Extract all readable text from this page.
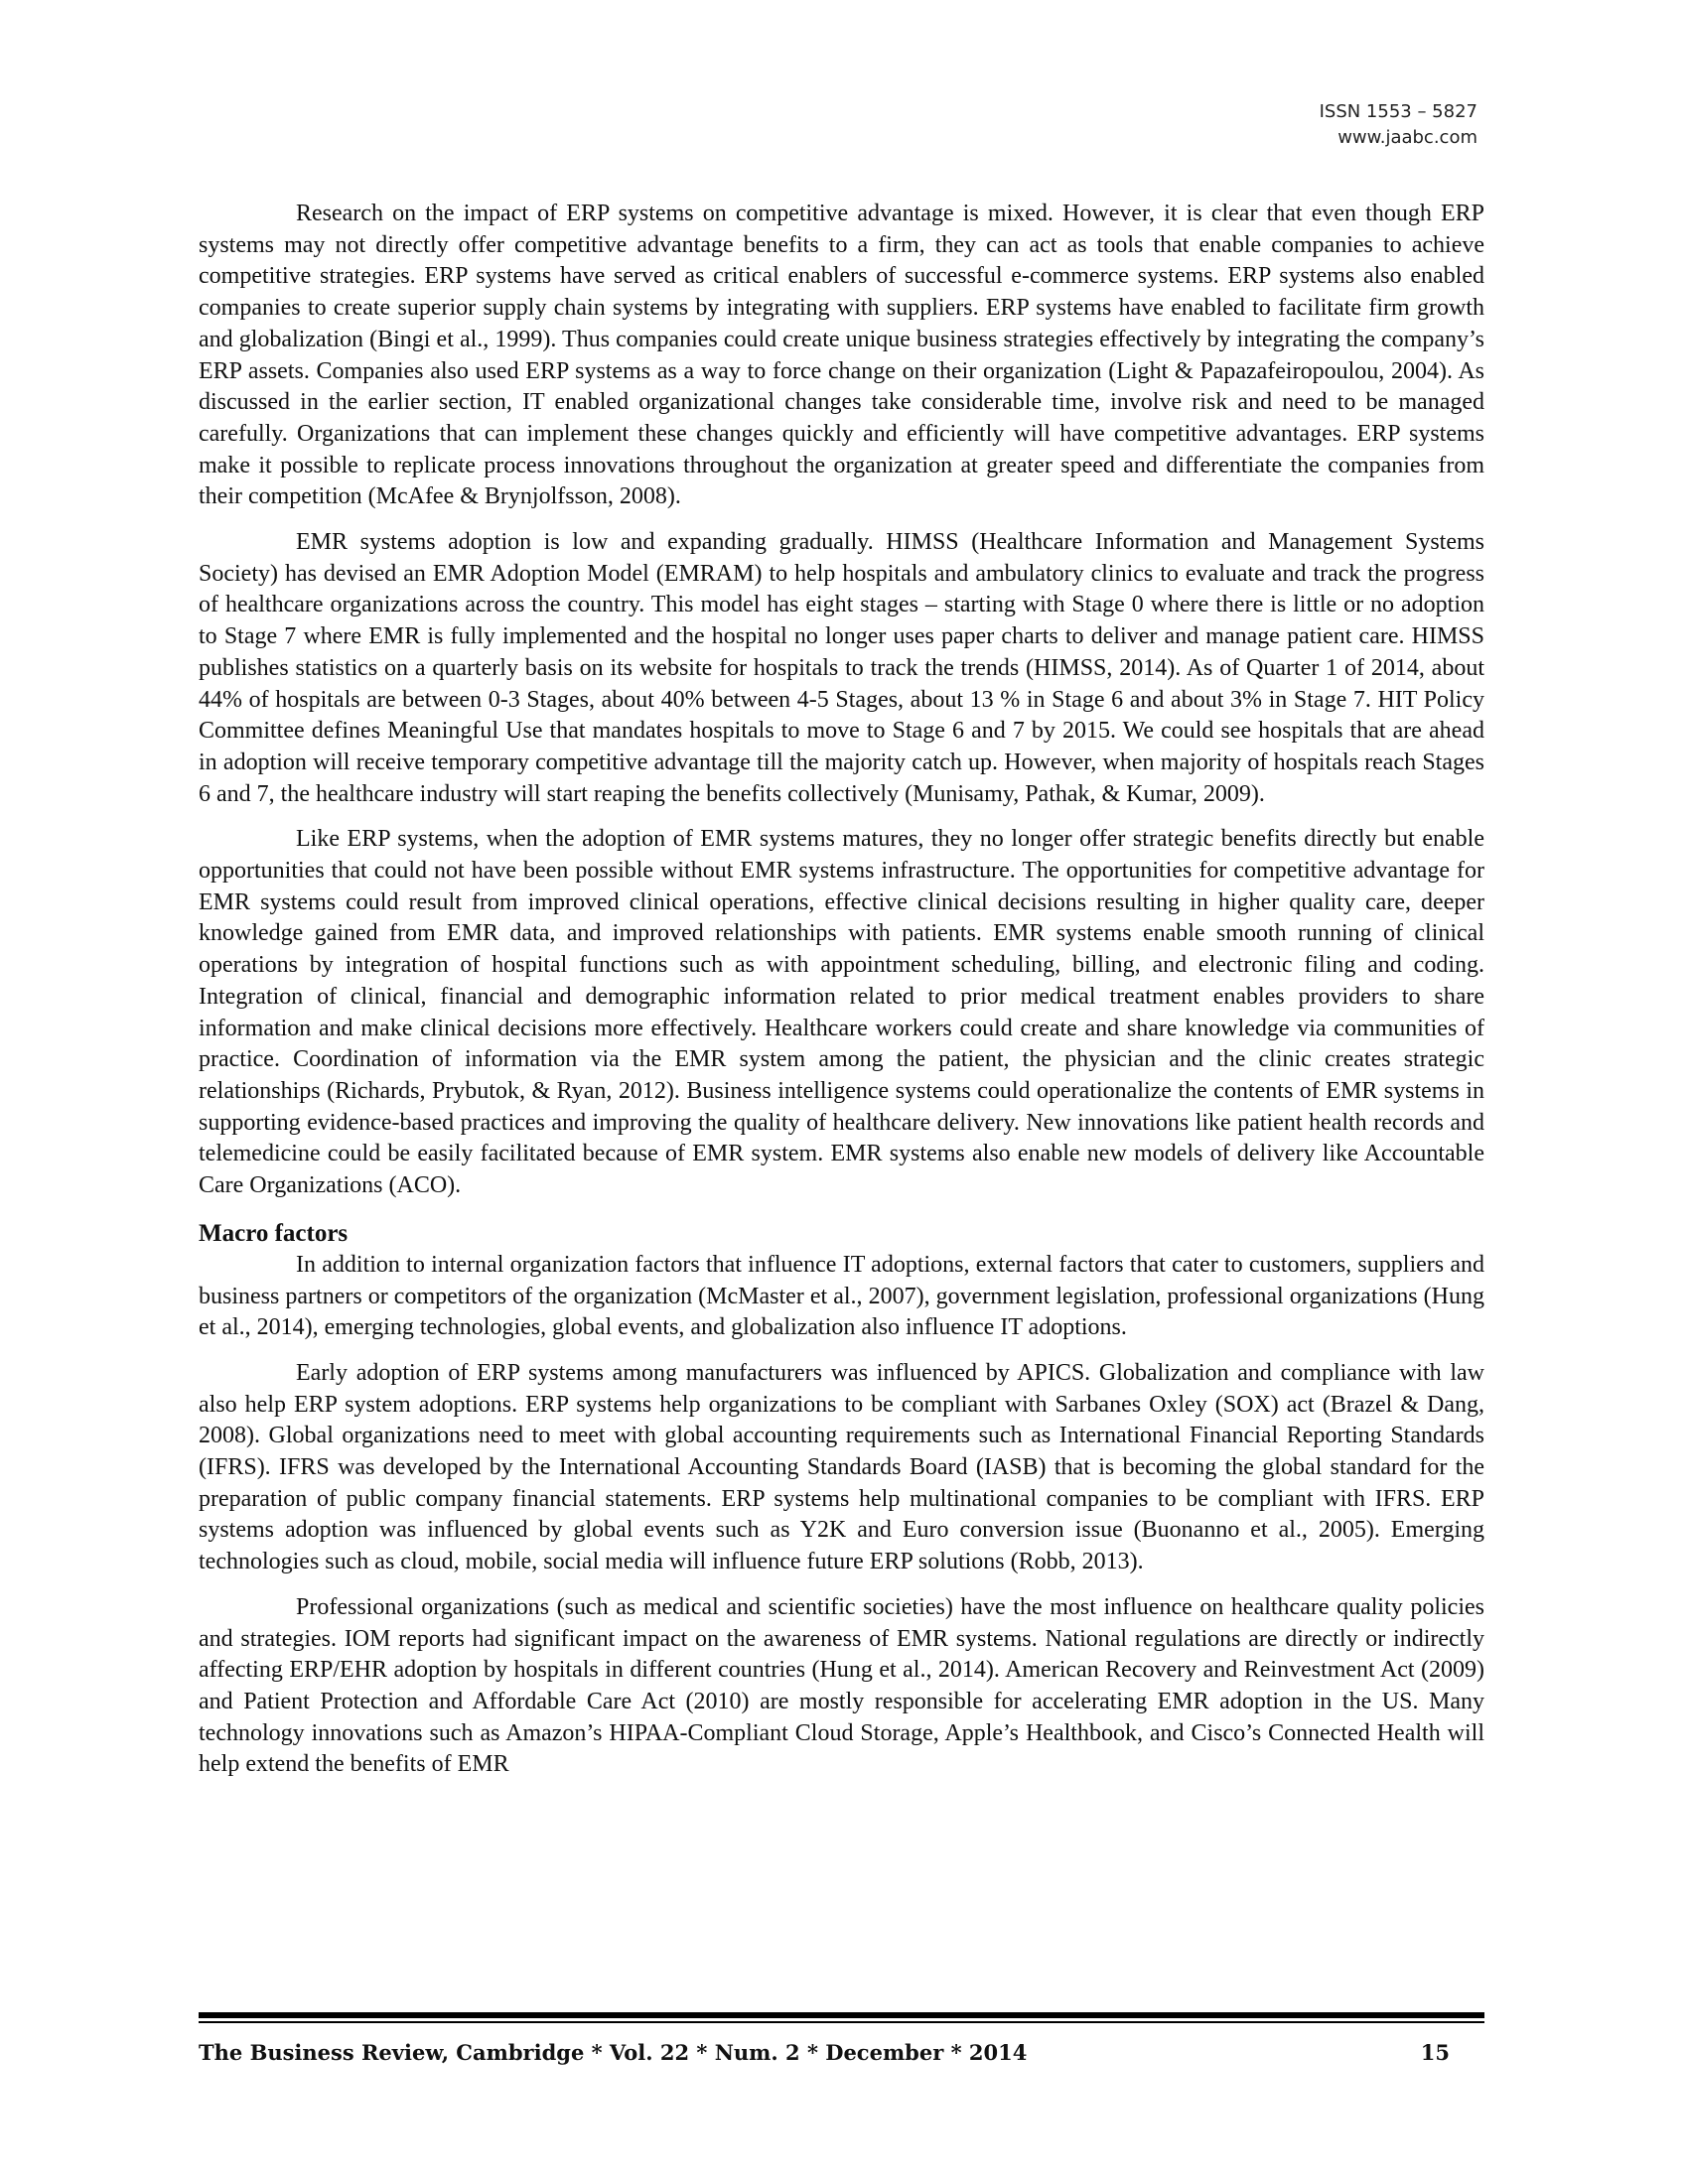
ISSN 1553 – 5827
www.jaabc.com

Research on the impact of ERP systems on competitive advantage is mixed. However, it is clear that even though ERP systems may not directly offer competitive advantage benefits to a firm, they can act as tools that enable companies to achieve competitive strategies. ERP systems have served as critical enablers of successful e-commerce systems. ERP systems also enabled companies to create superior supply chain systems by integrating with suppliers. ERP systems have enabled to facilitate firm growth and globalization (Bingi et al., 1999). Thus companies could create unique business strategies effectively by integrating the company’s ERP assets. Companies also used ERP systems as a way to force change on their organization (Light & Papazafeiropoulou, 2004). As discussed in the earlier section, IT enabled organizational changes take considerable time, involve risk and need to be managed carefully. Organizations that can implement these changes quickly and efficiently will have competitive advantages. ERP systems make it possible to replicate process innovations throughout the organization at greater speed and differentiate the companies from their competition (McAfee & Brynjolfsson, 2008).

EMR systems adoption is low and expanding gradually. HIMSS (Healthcare Information and Management Systems Society) has devised an EMR Adoption Model (EMRAM) to help hospitals and ambulatory clinics to evaluate and track the progress of healthcare organizations across the country. This model has eight stages – starting with Stage 0 where there is little or no adoption to Stage 7 where EMR is fully implemented and the hospital no longer uses paper charts to deliver and manage patient care. HIMSS publishes statistics on a quarterly basis on its website for hospitals to track the trends (HIMSS, 2014). As of Quarter 1 of 2014, about 44% of hospitals are between 0-3 Stages, about 40% between 4-5 Stages, about 13 % in Stage 6 and about 3% in Stage 7. HIT Policy Committee defines Meaningful Use that mandates hospitals to move to Stage 6 and 7 by 2015. We could see hospitals that are ahead in adoption will receive temporary competitive advantage till the majority catch up. However, when majority of hospitals reach Stages 6 and 7, the healthcare industry will start reaping the benefits collectively (Munisamy, Pathak, & Kumar, 2009).

Like ERP systems, when the adoption of EMR systems matures, they no longer offer strategic benefits directly but enable opportunities that could not have been possible without EMR systems infrastructure. The opportunities for competitive advantage for EMR systems could result from improved clinical operations, effective clinical decisions resulting in higher quality care, deeper knowledge gained from EMR data, and improved relationships with patients. EMR systems enable smooth running of clinical operations by integration of hospital functions such as with appointment scheduling, billing, and electronic filing and coding. Integration of clinical, financial and demographic information related to prior medical treatment enables providers to share information and make clinical decisions more effectively. Healthcare workers could create and share knowledge via communities of practice. Coordination of information via the EMR system among the patient, the physician and the clinic creates strategic relationships (Richards, Prybutok, & Ryan, 2012). Business intelligence systems could operationalize the contents of EMR systems in supporting evidence-based practices and improving the quality of healthcare delivery. New innovations like patient health records and telemedicine could be easily facilitated because of EMR system. EMR systems also enable new models of delivery like Accountable Care Organizations (ACO).

Macro factors

In addition to internal organization factors that influence IT adoptions, external factors that cater to customers, suppliers and business partners or competitors of the organization (McMaster et al., 2007), government legislation, professional organizations (Hung et al., 2014), emerging technologies, global events, and globalization also influence IT adoptions.

Early adoption of ERP systems among manufacturers was influenced by APICS. Globalization and compliance with law also help ERP system adoptions. ERP systems help organizations to be compliant with Sarbanes Oxley (SOX) act (Brazel & Dang, 2008). Global organizations need to meet with global accounting requirements such as International Financial Reporting Standards (IFRS). IFRS was developed by the International Accounting Standards Board (IASB) that is becoming the global standard for the preparation of public company financial statements. ERP systems help multinational companies to be compliant with IFRS. ERP systems adoption was influenced by global events such as Y2K and Euro conversion issue (Buonanno et al., 2005). Emerging technologies such as cloud, mobile, social media will influence future ERP solutions (Robb, 2013).

Professional organizations (such as medical and scientific societies) have the most influence on healthcare quality policies and strategies. IOM reports had significant impact on the awareness of EMR systems. National regulations are directly or indirectly affecting ERP/EHR adoption by hospitals in different countries (Hung et al., 2014). American Recovery and Reinvestment Act (2009) and Patient Protection and Affordable Care Act (2010) are mostly responsible for accelerating EMR adoption in the US. Many technology innovations such as Amazon’s HIPAA-Compliant Cloud Storage, Apple’s Healthbook, and Cisco’s Connected Health will help extend the benefits of EMR

The Business Review, Cambridge * Vol. 22 * Num. 2 * December * 2014	15
